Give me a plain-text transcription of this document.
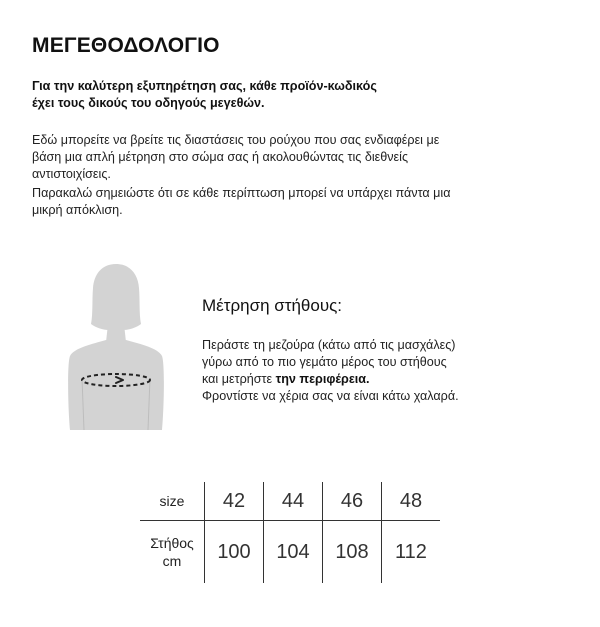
ΜΕΓΕΘΟΔΟΛΟΓΙΟ
Για την καλύτερη εξυπηρέτηση σας, κάθε προϊόν-κωδικός
έχει τους δικούς του οδηγούς μεγεθών.
Εδώ μπορείτε να βρείτε τις διαστάσεις του ρούχου που σας ενδιαφέρει με
βάση μια απλή μέτρηση στο σώμα σας ή ακολουθώντας τις διεθνείς
αντιστοιχίσεις.
Παρακαλώ σημειώστε ότι σε κάθε περίπτωση μπορεί να υπάρχει πάντα μια
μικρή απόκλιση.
Μέτρηση στήθους:
Περάστε τη μεζούρα (κάτω από τις μασχάλες)
γύρω από το πιο γεμάτο μέρος του στήθους
και μετρήστε την περιφέρεια.
Φροντίστε να χέρια σας να είναι κάτω χαλαρά.
size	42	44	46	48

Στήθος
cm	100	104	108	112
